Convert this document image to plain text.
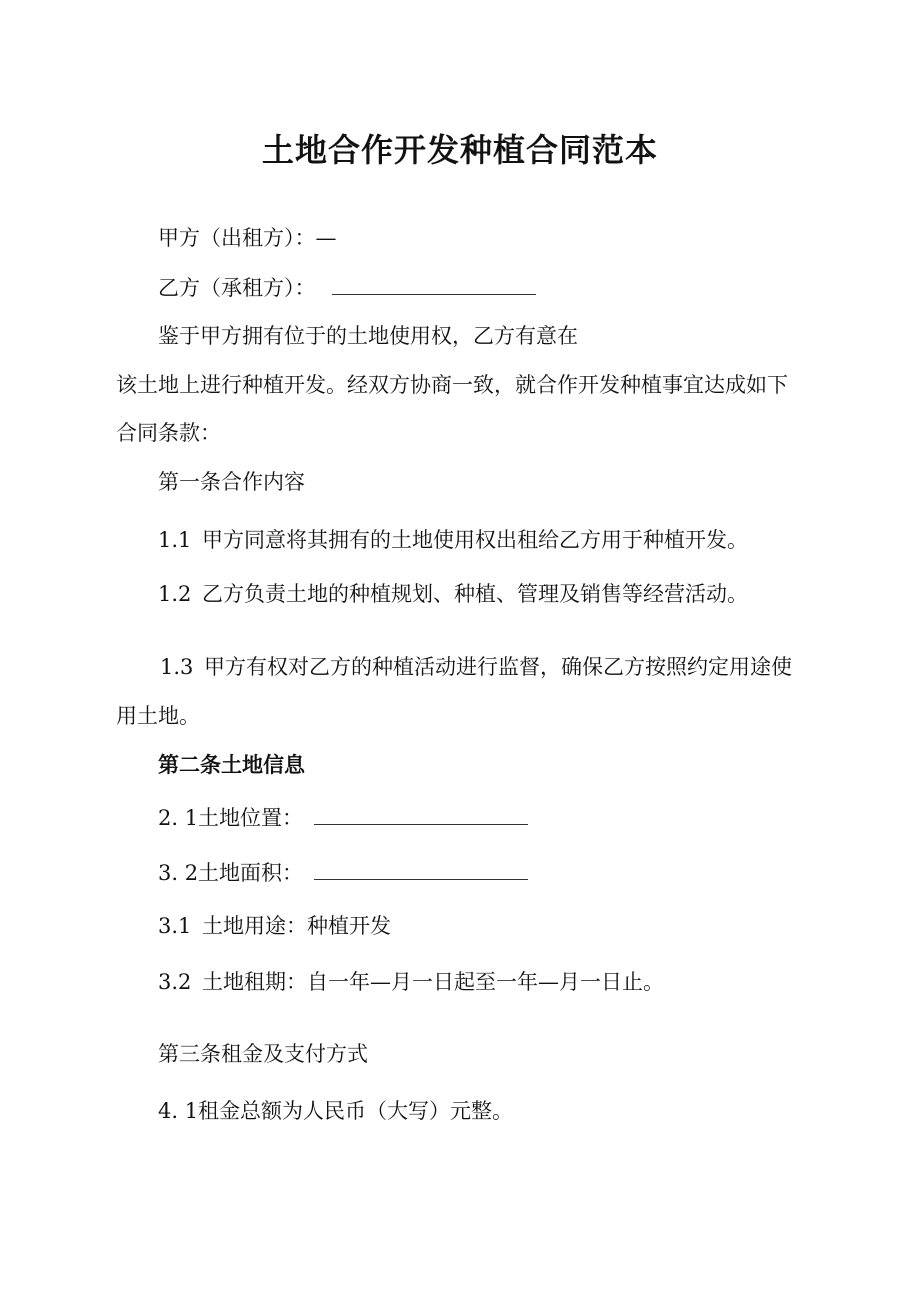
土地合作开发种植合同范本
甲方（出租方）：—
乙方（承租方）：
鉴于甲方拥有位于的土地使用权，乙方有意在
该土地上进行种植开发。经双方协商一致，就合作开发种植事宜达成如下
合同条款：
第一条合作内容
1.1 甲方同意将其拥有的土地使用权出租给乙方用于种植开发。
1.2 乙方负责土地的种植规划、种植、管理及销售等经营活动。
1.3 甲方有权对乙方的种植活动进行监督，确保乙方按照约定用途使
用土地。
第二条土地信息
2. 1土地位置：
3. 2土地面积：
3.1 土地用途：种植开发
3.2 土地租期：自一年—月一日起至一年—月一日止。
第三条租金及支付方式
4. 1租金总额为人民币（大写）元整。
